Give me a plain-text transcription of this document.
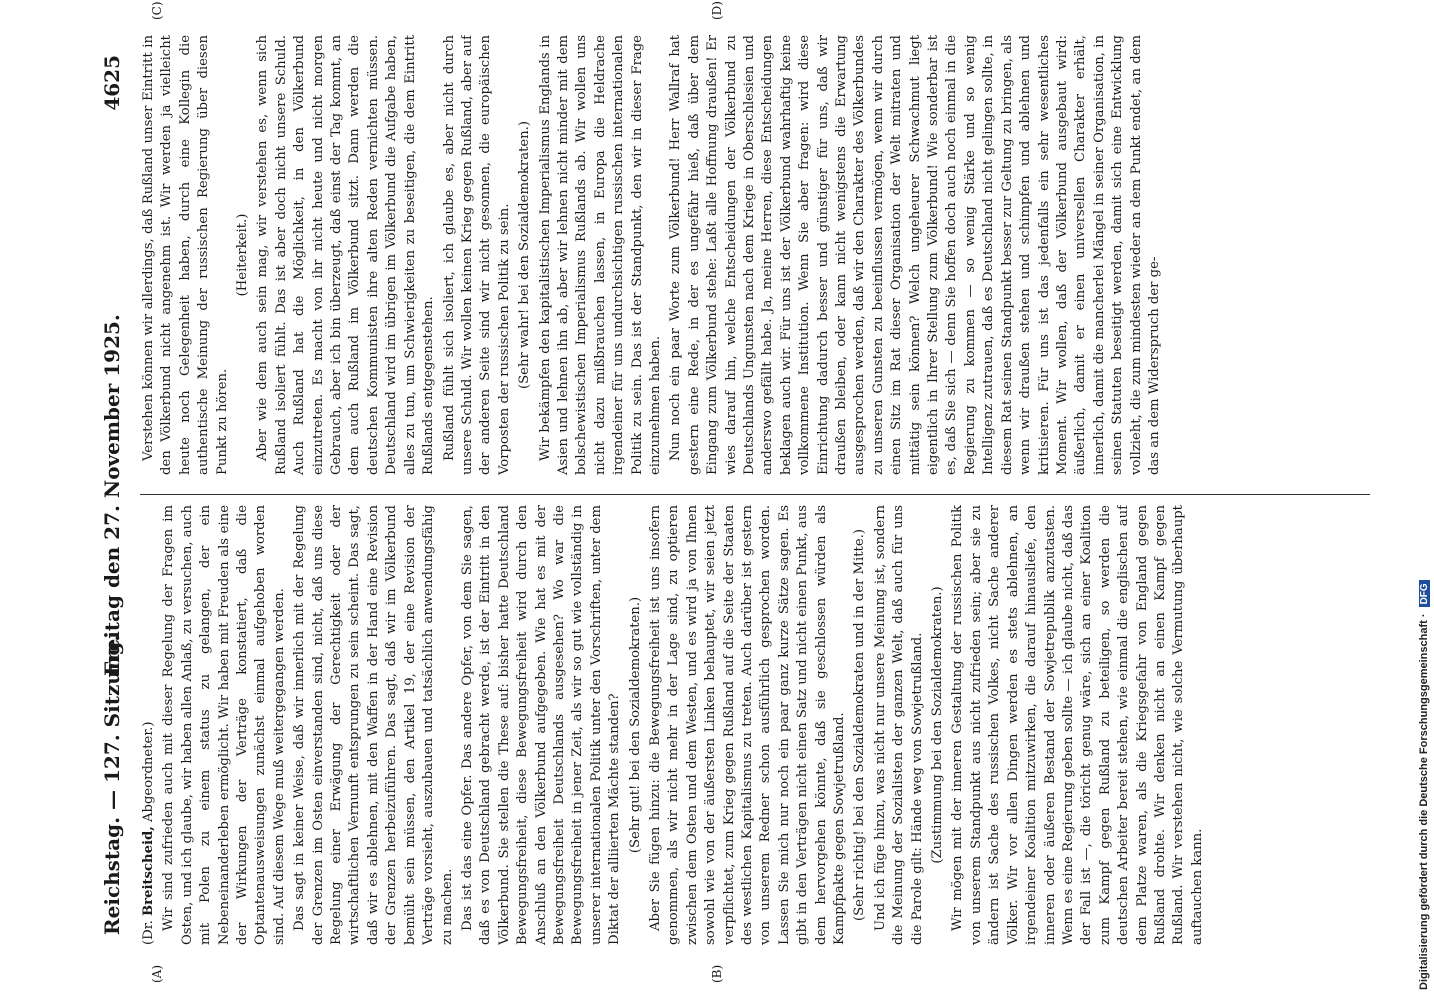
Reichstag. — 127. Sitzung.
Freitag den 27. November 1925.
4625
(A)	(B)
(C)	(D)

(Dr. Breitscheid, Abgeordneter.) Wir sind zufrieden auch mit dieser Regelung der Fragen im Osten, und ich glaube, wir haben allen Anlaß, zu versuchen, auch mit Polen zu einem status zu gelangen, der ein Nebeneinanderleben ermöglicht. Wir haben mit Freuden als eine der Wirkungen der Verträge konstatiert, daß die Optantenausweisungen zunächst einmal aufgehoben worden sind. Auf diesem Wege muß weitergegangen werden. Das sagt in keiner Weise, daß wir innerlich mit der Regelung der Grenzen im Osten einverstanden sind, nicht, daß uns diese Regelung einer Erwägung der Gerechtigkeit oder der wirtschaftlichen Vernunft entsprungen zu sein scheint. Das sagt, daß wir es ablehnen, mit den Waffen in der Hand eine Revision der Grenzen herbeizuführen. Das sagt, daß wir im Völkerbund bemüht sein müssen, den Artikel 19, der eine Revision der Verträge vorsieht, auszubauen und tatsächlich anwendungsfähig zu machen. Das ist das eine Opfer. Das andere Opfer, von dem Sie sagen, daß es von Deutschland gebracht werde, ist der Eintritt in den Völkerbund. Sie stellen die These auf: bisher hatte Deutschland Bewegungsfreiheit, diese Bewegungsfreiheit wird durch den Anschluß an den Völkerbund aufgegeben. Wie hat es mit der Bewegungsfreiheit Deutschlands ausgesehen? Wo war die Bewegungsfreiheit in jener Zeit, als wir so gut wie vollständig in unserer internationalen Politik unter den Vorschriften, unter dem Diktat der alliierten Mächte standen? (Sehr gut! bei den Sozialdemokraten.) Aber Sie fügen hinzu: die Bewegungsfreiheit ist uns insofern genommen, als wir nicht mehr in der Lage sind, zu optieren zwischen dem Osten und dem Westen, und es wird ja von Ihnen sowohl wie von der äußersten Linken behauptet, wir seien jetzt verpflichtet, zum Krieg gegen Rußland auf die Seite der Staaten des westlichen Kapitalismus zu treten. Auch darüber ist gestern von unserem Redner schon ausführlich gesprochen worden. Lassen Sie mich nur noch ein paar ganz kurze Sätze sagen. Es gibt in den Verträgen nicht einen Satz und nicht einen Punkt, aus dem hervorgehen könnte, daß sie geschlossen würden als Kampfpakte gegen Sowjetrußland. (Sehr richtig! bei den Sozialdemokraten und in der Mitte.) Und ich füge hinzu, was nicht nur unsere Meinung ist, sondern die Meinung der Sozialisten der ganzen Welt, daß auch für uns die Parole gilt: Hände weg von Sowjetrußland. (Zustimmung bei den Sozialdemokraten.) Wir mögen mit der inneren Gestaltung der russischen Politik von unserem Standpunkt aus nicht zufrieden sein; aber sie zu ändern ist Sache des russischen Volkes, nicht Sache anderer Völker. Wir vor allen Dingen werden es stets ablehnen, an irgendeiner Koalition mitzuwirken, die darauf hinausliefe, den inneren oder äußeren Bestand der Sowjetrepublik anzutasten. Wenn es eine Regierung geben sollte — ich glaube nicht, daß das der Fall ist —, die töricht genug wäre, sich an einer Koalition zum Kampf gegen Rußland zu beteiligen, so werden die deutschen Arbeiter bereit stehen, wie einmal die englischen auf dem Platze waren, als die Kriegsgefahr von England gegen Rußland drohte. Wir denken nicht an einen Kampf gegen Rußland. Wir verstehen nicht, wie solche Vermutung überhaupt auftauchen kann.

Verstehen können wir allerdings, daß Rußland unser Eintritt in den Völkerbund nicht angenehm ist. Wir werden ja vielleicht heute noch Gelegenheit haben, durch eine Kollegin die authentische Meinung der russischen Regierung über diesen Punkt zu hören.

(Heiterkeit.) Aber wie dem auch sein mag, wir verstehen es, wenn sich Rußland isoliert fühlt. Das ist aber doch nicht unsere Schuld. Auch Rußland hat die Möglichkeit, in den Völkerbund einzutreten. Es macht von ihr nicht heute und nicht morgen Gebrauch, aber ich bin überzeugt, daß einst der Tag kommt, an dem auch Rußland im Völkerbund sitzt. Dann werden die deutschen Kommunisten ihre alten Reden vernichten müssen. Deutschland wird im übrigen im Völkerbund die Aufgabe haben, alles zu tun, um Schwierigkeiten zu beseitigen, die dem Eintritt Rußlands entgegenstehen. Rußland fühlt sich isoliert, ich glaube es, aber nicht durch unsere Schuld. Wir wollen keinen Krieg gegen Rußland, aber auf der anderen Seite sind wir nicht gesonnen, die europäischen Vorposten der russischen Politik zu sein. (Sehr wahr! bei den Sozialdemokraten.) Wir bekämpfen den kapitalistischen Imperialismus Englands in Asien und lehnen ihn ab, aber wir lehnen nicht minder mit dem bolschewistischen Imperialismus Rußlands ab. Wir wollen uns nicht dazu mißbrauchen lassen, in Europa die Heldrache irgendeiner für uns undurchsichtigen russischen internationalen Politik zu sein. Das ist der Standpunkt, den wir in dieser Frage einzunehmen haben. Nun noch ein paar Worte zum Völkerbund! Herr Wallraf hat gestern eine Rede, in der es ungefähr hieß, daß über dem Eingang zum Völkerbund stehe: Laßt alle Hoffnung draußen! Er wies darauf hin, welche Entscheidungen der Völkerbund zu Deutschlands Ungunsten nach dem Kriege in Oberschlesien und anderswo gefällt habe. Ja, meine Herren, diese Entscheidungen beklagen auch wir. Für uns ist der Völkerbund wahrhaftig keine vollkommene Institution. Wenn Sie aber fragen: wird diese Einrichtung dadurch besser und günstiger für uns, daß wir draußen bleiben, oder kann nicht wenigstens die Erwartung ausgesprochen werden, daß wir den Charakter des Völkerbundes zu unseren Gunsten zu beeinflussen vermögen, wenn wir durch einen Sitz im Rat dieser Organisation der Welt mitraten und mittätig sein können? Welch ungeheurer Schwachmut liegt eigentlich in Ihrer Stellung zum Völkerbund! Wie sonderbar ist es, daß Sie sich — denn Sie hoffen doch auch noch einmal in die Regierung zu kommen — so wenig Stärke und so wenig Intelligenz zutrauen, daß es Deutschland nicht gelingen sollte, in diesem Rat seinen Standpunkt besser zur Geltung zu bringen, als wenn wir draußen stehen und schimpfen und ablehnen und kritisieren. Für uns ist das jedenfalls ein sehr wesentliches Moment. Wir wollen, daß der Völkerbund ausgebaut wird: äußerlich, damit er einen universellen Charakter erhält, innerlich, damit die mancherlei Mängel in seiner Organisation, in seinen Statuten beseitigt werden, damit sich eine Entwicklung vollzieht, die zum mindesten wieder an dem Punkt endet, an dem das an dem Widerspruch der ge-

Digitalisierung gefördert durch die Deutsche Forschungsgemeinschaft · DFG
